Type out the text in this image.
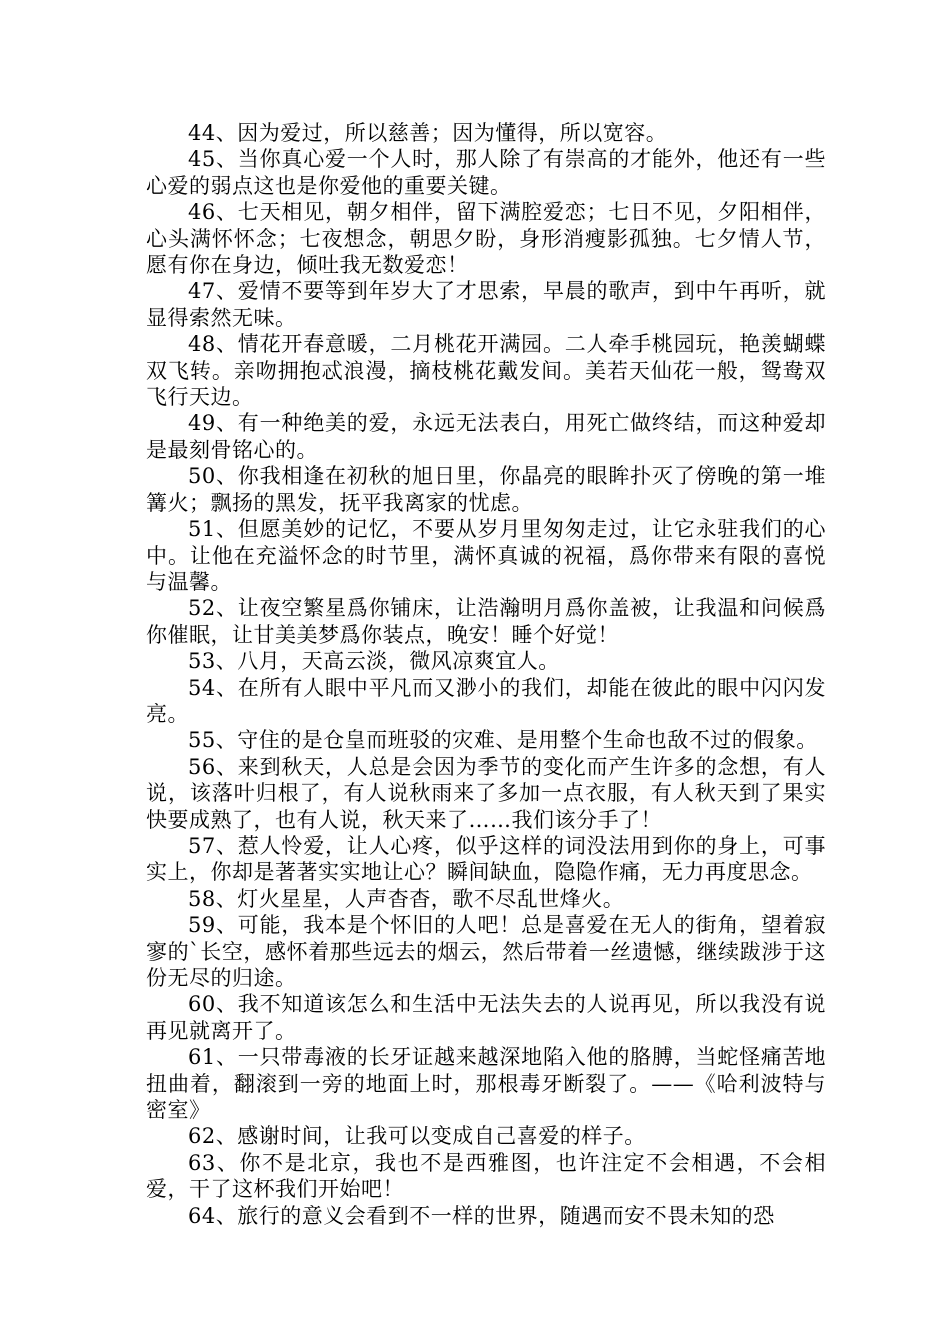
44、因为爱过，所以慈善；因为懂得，所以宽容。

45、当你真心爱一个人时，那人除了有崇高的才能外，他还有一些心爱的弱点这也是你爱他的重要关键。

46、七天相见，朝夕相伴，留下满腔爱恋；七日不见，夕阳相伴，心头满怀怀念；七夜想念，朝思夕盼，身形消瘦影孤独。七夕情人节，愿有你在身边，倾吐我无数爱恋！

47、爱情不要等到年岁大了才思索，早晨的歌声，到中午再听，就显得索然无味。

48、情花开春意暖，二月桃花开满园。二人牵手桃园玩，艳羡蝴蝶双飞转。亲吻拥抱忒浪漫，摘枝桃花戴发间。美若天仙花一般，鸳鸯双飞行天边。

49、有一种绝美的爱，永远无法表白，用死亡做终结，而这种爱却是最刻骨铭心的。

50、你我相逢在初秋的旭日里，你晶亮的眼眸扑灭了傍晚的第一堆篝火；飘扬的黑发，抚平我离家的忧虑。

51、但愿美妙的记忆，不要从岁月里匆匆走过，让它永驻我们的心中。让他在充溢怀念的时节里，满怀真诚的祝福，爲你带来有限的喜悦与温馨。

52、让夜空繁星爲你铺床，让浩瀚明月爲你盖被，让我温和问候爲你催眠，让甘美美梦爲你装点，晚安！睡个好觉！

53、八月，天高云淡，微风凉爽宜人。

54、在所有人眼中平凡而又渺小的我们，却能在彼此的眼中闪闪发亮。

55、守住的是仓皇而班驳的灾难、是用整个生命也敌不过的假象。

56、来到秋天，人总是会因为季节的变化而产生许多的念想，有人说，该落叶归根了，有人说秋雨来了多加一点衣服，有人秋天到了果实快要成熟了，也有人说，秋天来了……我们该分手了！

57、惹人怜爱，让人心疼，似乎这样的词没法用到你的身上，可事实上，你却是著著实实地让心？瞬间缺血，隐隐作痛，无力再度思念。

58、灯火星星，人声杳杳，歌不尽乱世烽火。

59、可能，我本是个怀旧的人吧！总是喜爱在无人的街角，望着寂寥的`长空，感怀着那些远去的烟云，然后带着一丝遗憾，继续跋涉于这份无尽的归途。

60、我不知道该怎么和生活中无法失去的人说再见，所以我没有说再见就离开了。

61、一只带毒液的长牙证越来越深地陷入他的胳膊，当蛇怪痛苦地扭曲着，翻滚到一旁的地面上时，那根毒牙断裂了。——《哈利波特与密室》

62、感谢时间，让我可以变成自己喜爱的样子。

63、你不是北京，我也不是西雅图，也许注定不会相遇，不会相爱，干了这杯我们开始吧！

64、旅行的意义会看到不一样的世界，随遇而安不畏未知的恐
